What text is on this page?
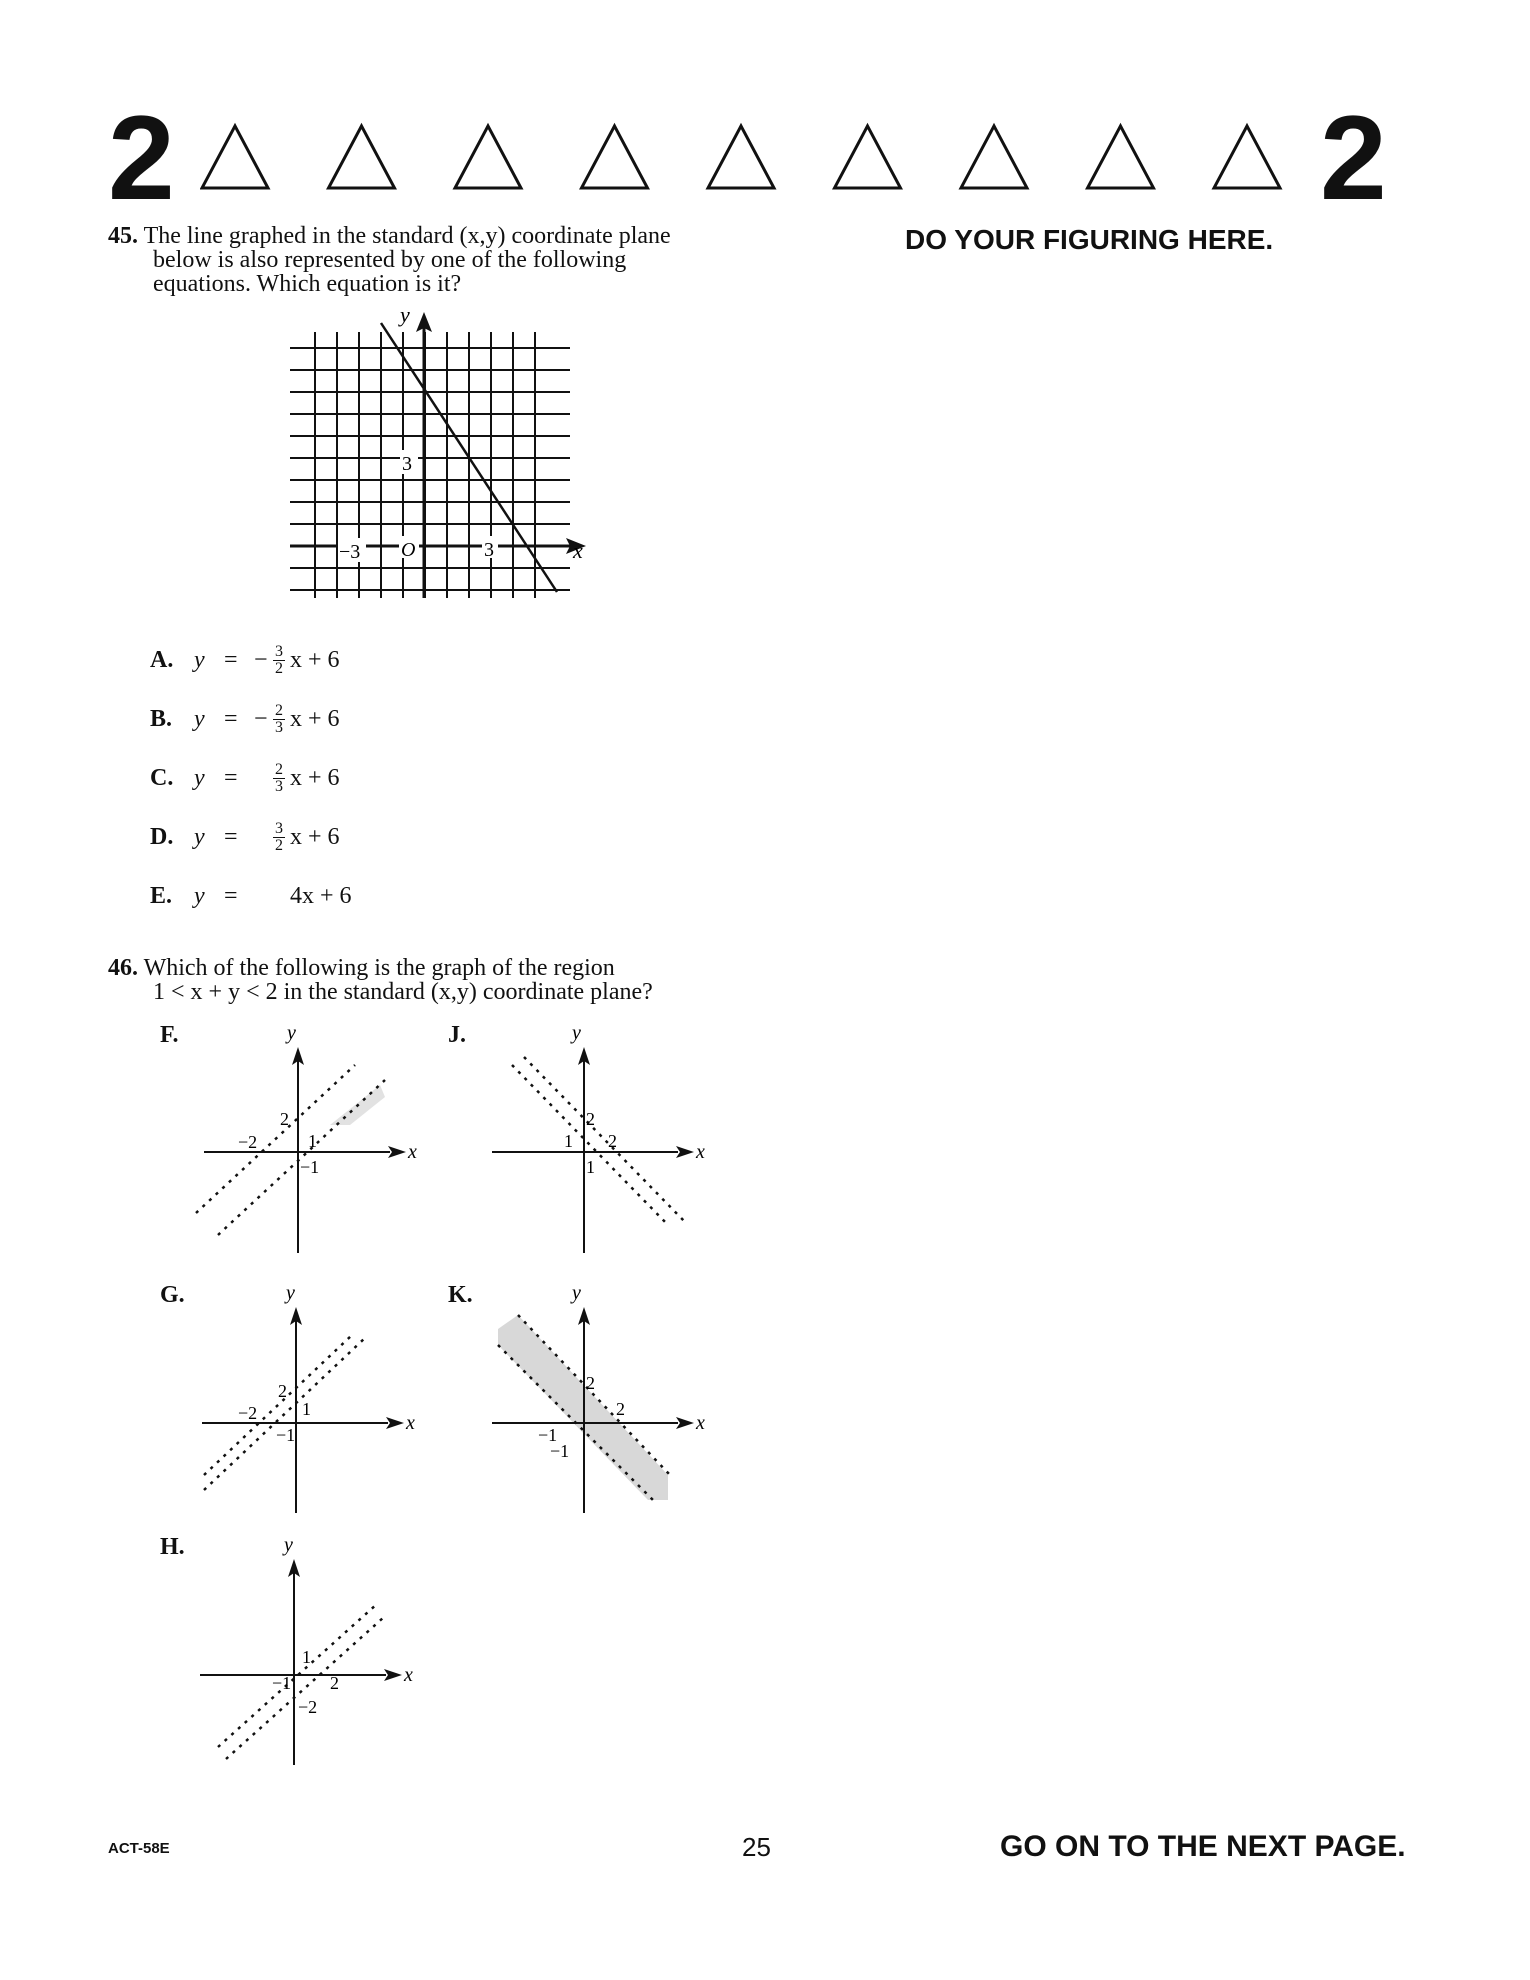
2	2
45. The line graphed in the standard (x,y) coordinate plane
below is also represented by one of the following
equations. Which equation is it?
DO YOUR FIGURING HERE.
3
−3 O	3
y
x
A. y = − $\frac{3}{2}$ x + 6
B. y = − $\frac{2}{3}$ x + 6
C. y =	$\frac{2}{3}$ x + 6
D. y =	$\frac{3}{2}$ x + 6
E. y =	4x + 6
46. Which of the following is the graph of the region
1 < x + y < 2 in the standard (x,y) coordinate plane?
F.	J.
G.	K.
H.
y
x
2
−2	1
−1
y
x
2
1 2
1
y
x
2
−2 1
−1
y
x
2
2
−1
−1
y
x
1
−1 2
−2
ACT-58E	25	GO ON TO THE NEXT PAGE.
